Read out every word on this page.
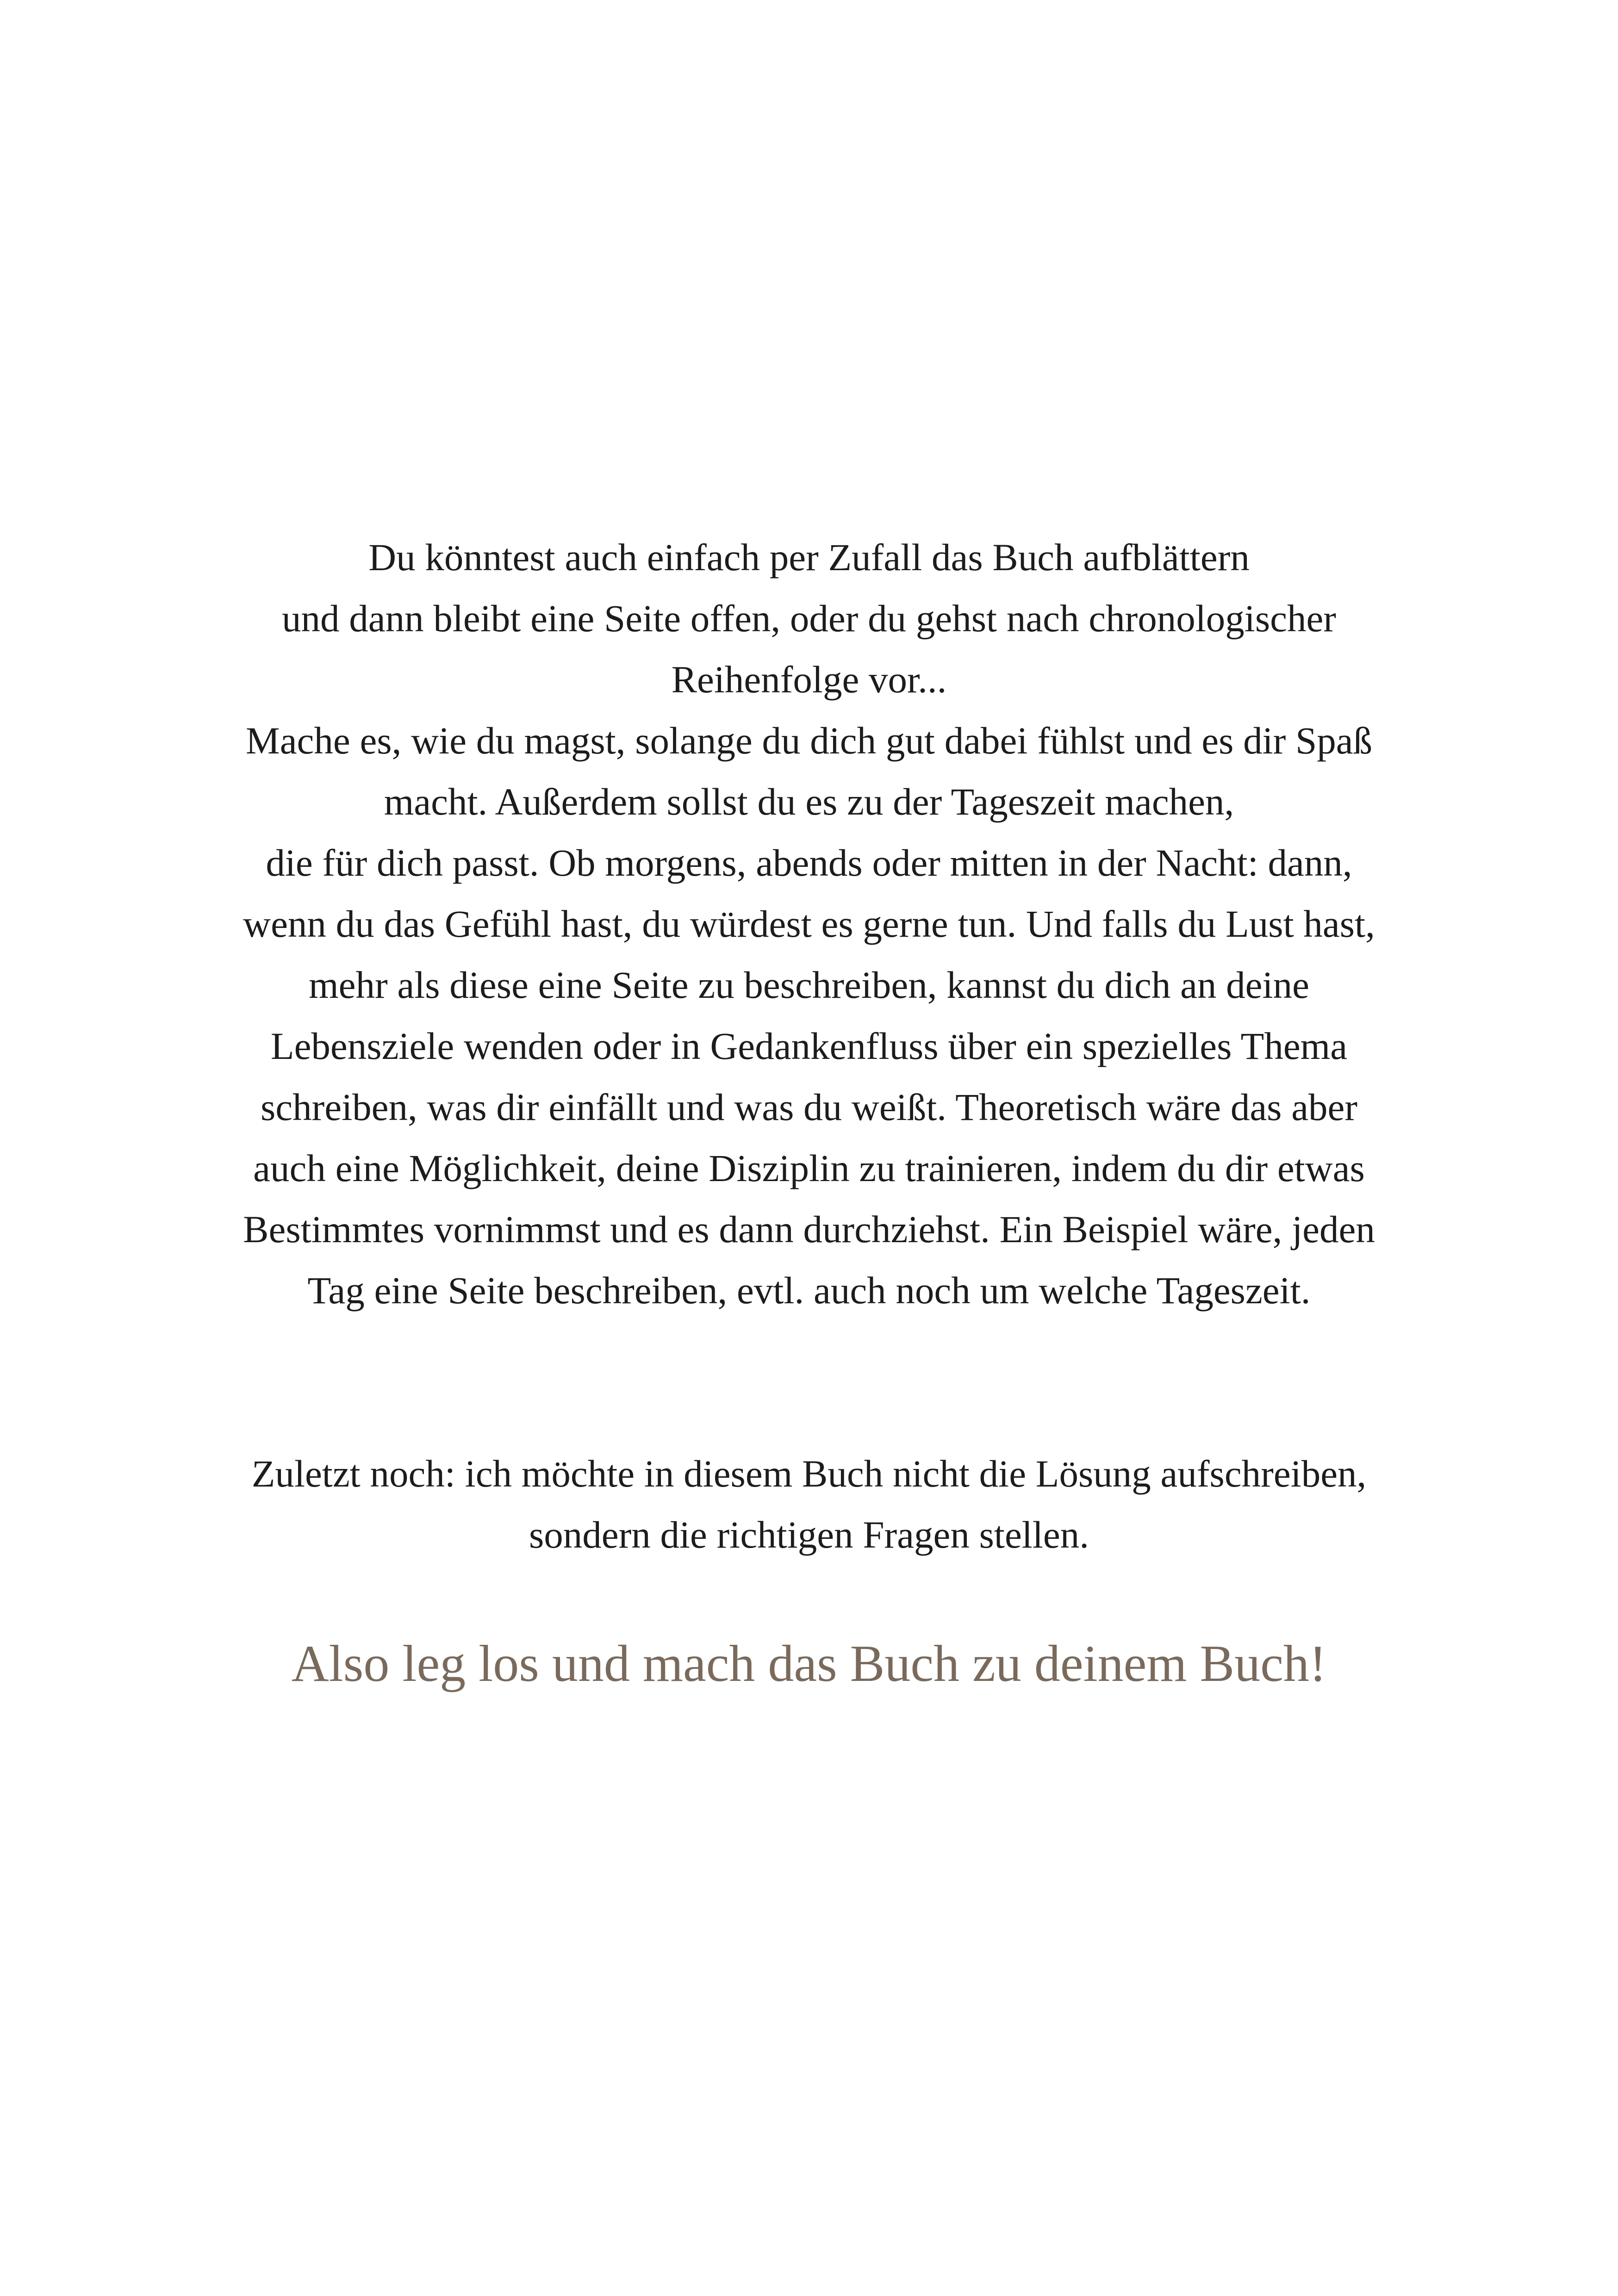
Du könntest auch einfach per Zufall das Buch aufblättern
und dann bleibt eine Seite offen, oder du gehst nach chronologischer
Reihenfolge vor...
Mache es, wie du magst, solange du dich gut dabei fühlst und es dir Spaß
macht. Außerdem sollst du es zu der Tageszeit machen,
die für dich passt. Ob morgens, abends oder mitten in der Nacht: dann,
wenn du das Gefühl hast, du würdest es gerne tun. Und falls du Lust hast,
mehr als diese eine Seite zu beschreiben, kannst du dich an deine
Lebensziele wenden oder in Gedankenfluss über ein spezielles Thema
schreiben, was dir einfällt und was du weißt. Theoretisch wäre das aber
auch eine Möglichkeit, deine Disziplin zu trainieren, indem du dir etwas
Bestimmtes vornimmst und es dann durchziehst. Ein Beispiel wäre, jeden
Tag eine Seite beschreiben, evtl. auch noch um welche Tageszeit.
Zuletzt noch: ich möchte in diesem Buch nicht die Lösung aufschreiben,
sondern die richtigen Fragen stellen.
Also leg los und mach das Buch zu deinem Buch!
